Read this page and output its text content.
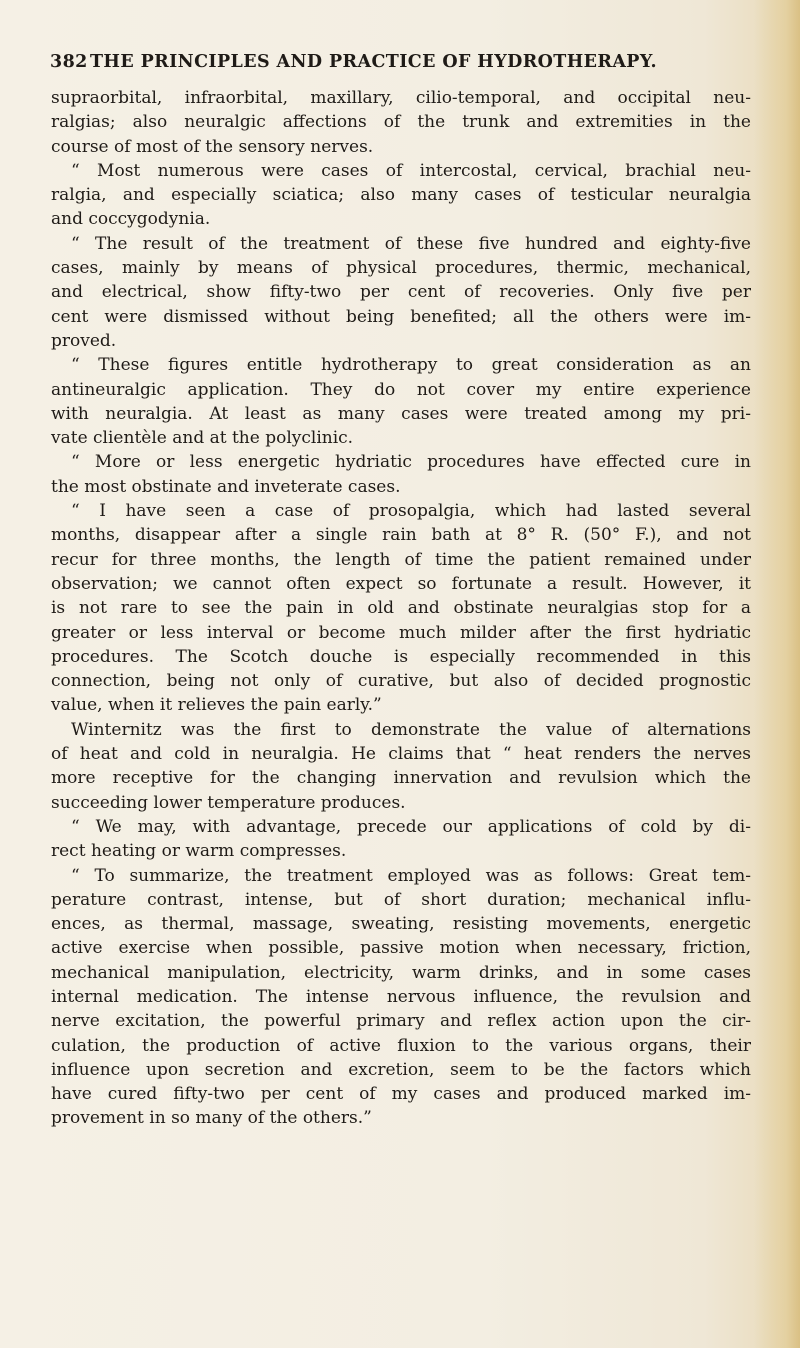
382 THE PRINCIPLES AND PRACTICE OF HYDROTHERAPY.
supraorbital, infraorbital, maxillary, cilio-temporal, and occipital neu-
ralgias; also neuralgic affections of the trunk and extremities in the
course of most of the sensory nerves.
“ Most numerous were cases of intercostal, cervical, brachial neu-
ralgia, and especially sciatica; also many cases of testicular neuralgia
and coccygodynia.
“ The result of the treatment of these five hundred and eighty-five
cases, mainly by means of physical procedures, thermic, mechanical,
and electrical, show fifty-two per cent of recoveries. Only five per
cent were dismissed without being benefited; all the others were im-
proved.
“ These figures entitle hydrotherapy to great consideration as an
antineuralgic application. They do not cover my entire experience
with neuralgia. At least as many cases were treated among my pri-
vate clientèle and at the polyclinic.
“ More or less energetic hydriatic procedures have effected cure in
the most obstinate and inveterate cases.
“ I have seen a case of prosopalgia, which had lasted several
months, disappear after a single rain bath at 8° R. (50° F.), and not
recur for three months, the length of time the patient remained under
observation; we cannot often expect so fortunate a result. However, it
is not rare to see the pain in old and obstinate neuralgias stop for a
greater or less interval or become much milder after the first hydriatic
procedures. The Scotch douche is especially recommended in this
connection, being not only of curative, but also of decided prognostic
value, when it relieves the pain early.”
Winternitz was the first to demonstrate the value of alternations
of heat and cold in neuralgia. He claims that “ heat renders the nerves
more receptive for the changing innervation and revulsion which the
succeeding lower temperature produces.
“ We may, with advantage, precede our applications of cold by di-
rect heating or warm compresses.
“ To summarize, the treatment employed was as follows: Great tem-
perature contrast, intense, but of short duration; mechanical influ-
ences, as thermal, massage, sweating, resisting movements, energetic
active exercise when possible, passive motion when necessary, friction,
mechanical manipulation, electricity, warm drinks, and in some cases
internal medication. The intense nervous influence, the revulsion and
nerve excitation, the powerful primary and reflex action upon the cir-
culation, the production of active fluxion to the various organs, their
influence upon secretion and excretion, seem to be the factors which
have cured fifty-two per cent of my cases and produced marked im-
provement in so many of the others.”
